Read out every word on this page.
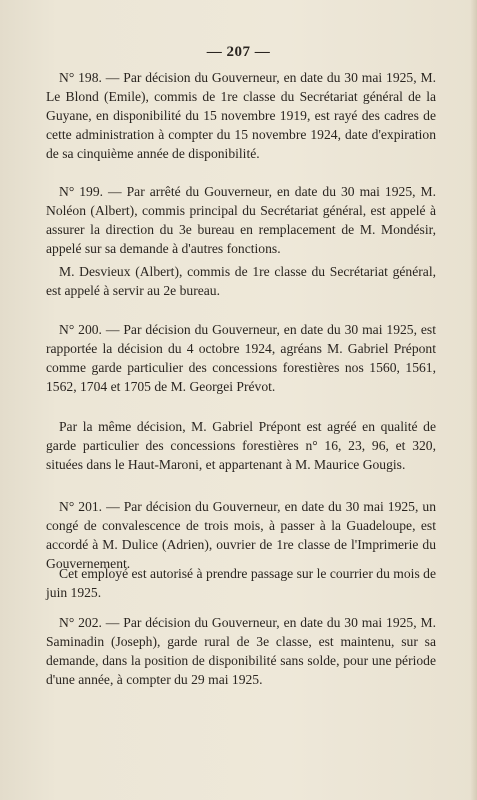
— 207 —

N° 198. — Par décision du Gouverneur, en date du 30 mai 1925, M. Le Blond (Emile), commis de 1re classe du Secrétariat général de la Guyane, en disponibilité du 15 novembre 1919, est rayé des cadres de cette administration à compter du 15 novembre 1924, date d'expiration de sa cinquième année de disponibilité.

N° 199. — Par arrêté du Gouverneur, en date du 30 mai 1925, M. Noléon (Albert), commis principal du Secrétariat général, est appelé à assurer la direction du 3e bureau en remplacement de M. Mondésir, appelé sur sa demande à d'autres fonctions.

M. Desvieux (Albert), commis de 1re classe du Secrétariat général, est appelé à servir au 2e bureau.

N° 200. — Par décision du Gouverneur, en date du 30 mai 1925, est rapportée la décision du 4 octobre 1924, agréans M. Gabriel Prépont comme garde particulier des concessions forestières nos 1560, 1561, 1562, 1704 et 1705 de M. Georgei Prévot.

Par la même décision, M. Gabriel Prépont est agréé en qualité de garde particulier des concessions forestières n° 16, 23, 96, et 320, situées dans le Haut-Maroni, et appartenant à M. Maurice Gougis.

N° 201. — Par décision du Gouverneur, en date du 30 mai 1925, un congé de convalescence de trois mois, à passer à la Guadeloupe, est accordé à M. Dulice (Adrien), ouvrier de 1re classe de l'Imprimerie du Gouvernement.

Cet employé est autorisé à prendre passage sur le courrier du mois de juin 1925.

N° 202. — Par décision du Gouverneur, en date du 30 mai 1925, M. Saminadin (Joseph), garde rural de 3e classe, est maintenu, sur sa demande, dans la position de disponibilité sans solde, pour une période d'une année, à compter du 29 mai 1925.
